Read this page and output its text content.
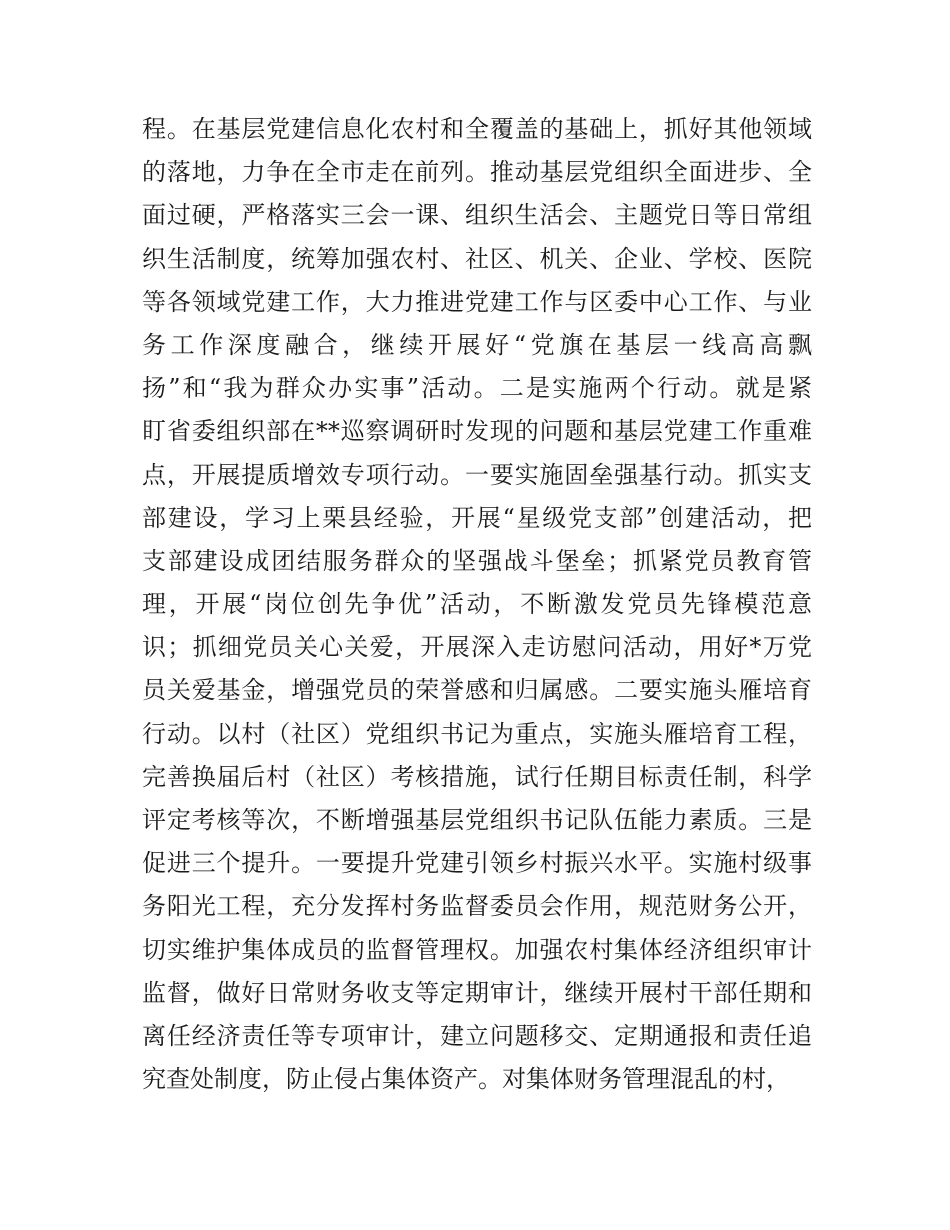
程。在基层党建信息化农村和全覆盖的基础上，抓好其他领域
的落地，力争在全市走在前列。推动基层党组织全面进步、全
面过硬，严格落实三会一课、组织生活会、主题党日等日常组
织生活制度，统筹加强农村、社区、机关、企业、学校、医院
等各领域党建工作，大力推进党建工作与区委中心工作、与业
务工作深度融合，继续开展好“党旗在基层一线高高飘
扬”和“我为群众办实事”活动。二是实施两个行动。就是紧
盯省委组织部在**巡察调研时发现的问题和基层党建工作重难
点，开展提质增效专项行动。一要实施固垒强基行动。抓实支
部建设，学习上栗县经验，开展“星级党支部”创建活动，把
支部建设成团结服务群众的坚强战斗堡垒；抓紧党员教育管
理，开展“岗位创先争优”活动，不断激发党员先锋模范意
识；抓细党员关心关爱，开展深入走访慰问活动，用好*万党
员关爱基金，增强党员的荣誉感和归属感。二要实施头雁培育
行动。以村（社区）党组织书记为重点，实施头雁培育工程，
完善换届后村（社区）考核措施，试行任期目标责任制，科学
评定考核等次，不断增强基层党组织书记队伍能力素质。三是
促进三个提升。一要提升党建引领乡村振兴水平。实施村级事
务阳光工程，充分发挥村务监督委员会作用，规范财务公开，
切实维护集体成员的监督管理权。加强农村集体经济组织审计
监督，做好日常财务收支等定期审计，继续开展村干部任期和
离任经济责任等专项审计，建立问题移交、定期通报和责任追
究查处制度，防止侵占集体资产。对集体财务管理混乱的村，
